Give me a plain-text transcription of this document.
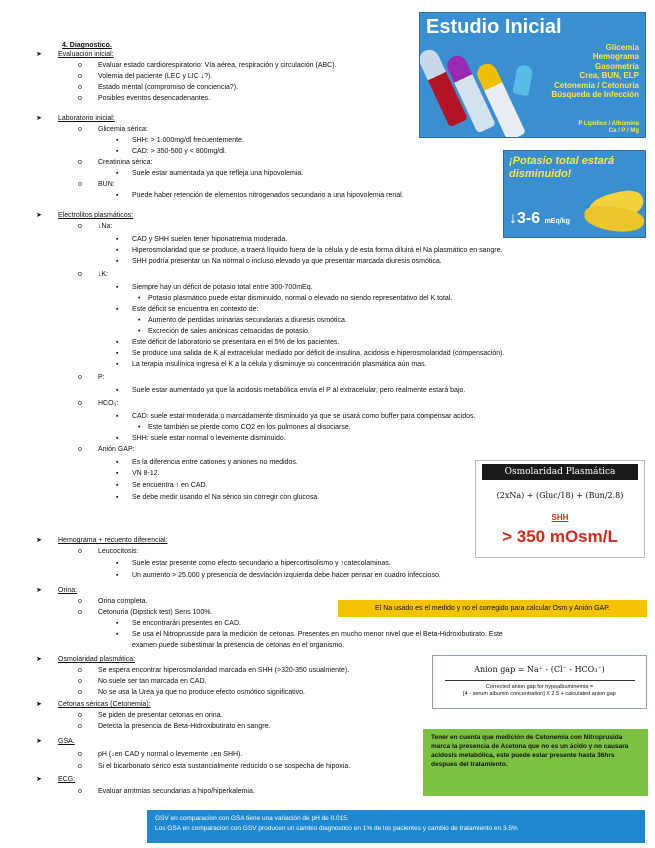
4. Diagnostico.
➤ Evaluación inicial:
o Evaluar estado cardiorespiratorio: Vía aérea, respiración y circulación (ABC).
o Volemia del paciente (LEC y LIC ↓?).
o Estado mental (compromiso de conciencia?).
o Posibles eventos desencadenantes.
➤ Laboratorio inicial:
o Glicemia sérica:
▪ SHH: > 1.000mg/dl frecuentemente.
▪ CAD: > 350-500 y < 800mg/dl.
o Creatinina sérica:
▪ Suele estar aumentada ya que refleja una hipovolemia.
o BUN:
▪ Puede haber retención de elementos nitrogenados secundario a una hipovolemia renal.
➤ Electrolitos plasmáticos:
o ↓Na:
▪ CAD y SHH suelen tener hiponatremia moderada.
▪ Hiperosmolaridad que se produce, a traerá líquido fuera de la célula y de esta forma diluirá el Na plasmático en sangre.
▪ SHH podría presentar un Na normal o incluso elevado ya que presentar marcada diuresis osmótica.
o ↓K:
▪ Siempre hay un déficit de potasio total entre 300-700mEq.
• Potasio plasmático puede estar disminuido, normal o elevado no siendo representativo del K total.
▪ Este déficit se encuentra en contexto de:
• Aumento de perdidas urinarias secundarias a diuresis osmótica.
• Excreción de sales aniónicas cetoacidas de potasio.
▪ Este déficit de laboratorio se presentara en el 5% de los pacientes.
▪ Se produce una salida de K al extracelular mediado por déficit de insulina, acidosis e hiperosmolaridad (compensación).
▪ La terapia insulínica ingresa el K a la célula y disminuye su concentración plasmática aún mas.
o P:
▪ Suele estar aumentado ya que la acidosis metabólica envía el P al extracelular, pero realmente estará bajo.
o HCO₃:
▪ CAD: suele estar moderada o marcadamente disminuido ya que se usará como buffer para compensar acidos.
• Este también se pierde como CO2 en los pulmones al disociarse.
▪ SHH: suele estar normal o levemente disminuido.
o Anión GAP:
▪ Es la diferencia entre cationes y aniones no medidos.
▪ VN 8-12.
▪ Se encuentra ↑ en CAD.
▪ Se debe medir usando el Na sérico sin corregir con glucosa.
➤ Hemograma + recuento diferencial:
o Leucocitosis:
▪ Suele estar presente como efecto secundario a hipercortisolismo y ↑catecolaminas.
▪ Un aumento > 25.000 y presencia de desviación izquierda debe hacer pensar en cuadro infeccioso.
➤ Orina:
o Orina completa.
o Cetonuria (Dipstick test) Sens 100%.
▪ Se encontrarán presentes en CAD.
▪ Se usa el Nitroprusside para la medición de cetonas. Presentes en mucho menor nivel que el Beta-Hidroxibutirato. Este
examen puede subestimar la presencia de cetonas en el organismo.
➤ Osmolaridad plasmática:
o Se espera encontrar hiperosmolaridad marcada en SHH (>320-350 usualmente).
o No suele ser tan marcada en CAD.
o No se usa la Urea ya que no produce efecto osmótico significativo.
➤ Cetonas séricas (Cetonemia):
o Se piden de presentar cetonas en orina.
o Detecta la presencia de Beta-Hidroxibutirato en sangre.
➤ GSA:
o pH (↓en CAD y normal o levemente ↓en SHH).
o Si el bicarbonato sérico esta sustancialmente reducido o se sospecha de hipoxia.
➤ ECG:
o Evaluar arritmias secundarias a hipo/hiperkalemia.
Estudio Inicial
Glicemia
Hemograma
Gasometría
Crea, BUN, ELP
Cetonemia / Cetonuria
Búsqueda de Infección
P Lipídico / Albúmina
Ca / P / Mg
¡Potasio total estará disminuido!
↓3-6 mEq/kg
Osmolaridad Plasmática
(2xNa) + (Gluc/18) + (Bun/2.8)
SHH
> 350 mOsm/L
El Na usado es el medido y no el corregido para calcular Osm y Anión GAP.
Anion gap = Na⁺ - (Cl⁻ - HCO₃⁻)
Corrected anion gap for hypoalbuminemia =
[4 - serum albumin concentration] X 2.5 + calculated anion gap
Tener en cuenta que medición de Cetonemia con Nitroprusida marca la presencia de Acetona que no es un ácido y no causara acidosis metabólica, este puede estar presente hasta 36hrs despues del tratamiento.
GSV en comparacion con GSA tiene una variación de pH de 0.015.
Los GSA en comparacion con GSV producen un cambio diagnostico en 1% de los pacientes y cambio de tratamiento en 3.5%
